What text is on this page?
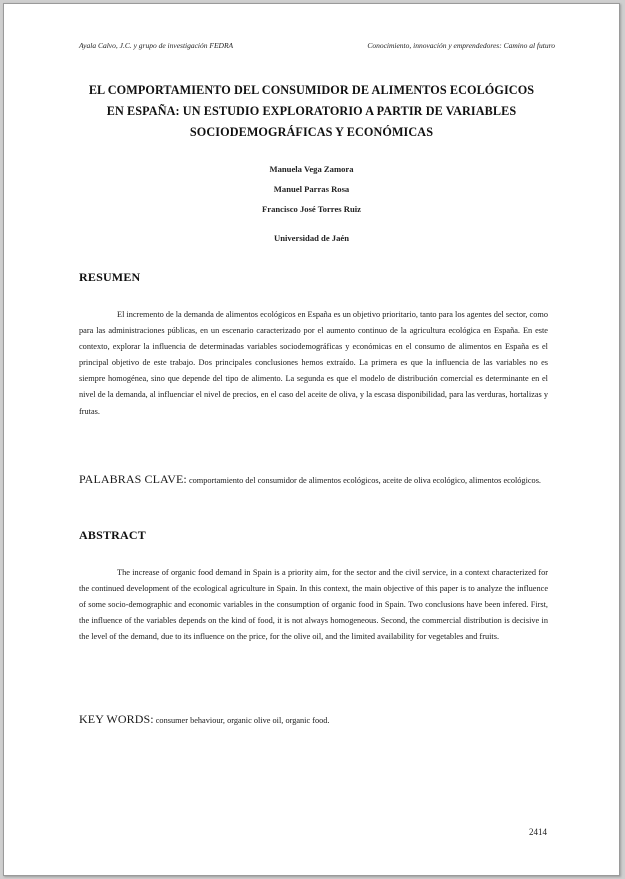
Ayala Calvo, J.C. y grupo de investigación FEDRA	Conocimiento, innovación y emprendedores: Camino al futuro
EL COMPORTAMIENTO DEL CONSUMIDOR DE ALIMENTOS ECOLÓGICOS
EN ESPAÑA: UN ESTUDIO EXPLORATORIO A PARTIR DE VARIABLES
SOCIODEMOGRÁFICAS Y ECONÓMICAS
Manuela Vega Zamora
Manuel Parras Rosa
Francisco José Torres Ruiz
Universidad de Jaén
RESUMEN

El incremento de la demanda de alimentos ecológicos en España es un objetivo prioritario, tanto para los agentes del sector, como para las administraciones públicas, en un escenario caracterizado por el aumento continuo de la agricultura ecológica en España. En este contexto, explorar la influencia de determinadas variables sociodemográficas y económicas en el consumo de alimentos en España es el principal objetivo de este trabajo. Dos principales conclusiones hemos extraído. La primera es que la influencia de las variables no es siempre homogénea, sino que depende del tipo de alimento. La segunda es que el modelo de distribución comercial es determinante en el nivel de la demanda, al influenciar el nivel de precios, en el caso del aceite de oliva, y la escasa disponibilidad, para las verduras, hortalizas y frutas.

PALABRAS CLAVE: comportamiento del consumidor de alimentos ecológicos, aceite de oliva ecológico, alimentos ecológicos.
ABSTRACT

The increase of organic food demand in Spain is a priority aim, for the sector and the civil service, in a context characterized for the continued development of the ecological agriculture in Spain. In this context, the main objective of this paper is to analyze the influence of some socio-demographic and economic variables in the consumption of organic food in Spain. Two conclusions have been infered. First, the influence of the variables depends on the kind of food, it is not always homogeneous. Second, the commercial distribution is decisive in the level of the demand, due to its influence on the price, for the olive oil, and the limited availability for vegetables and fruits.

KEY WORDS: consumer behaviour, organic olive oil, organic food.
2414
